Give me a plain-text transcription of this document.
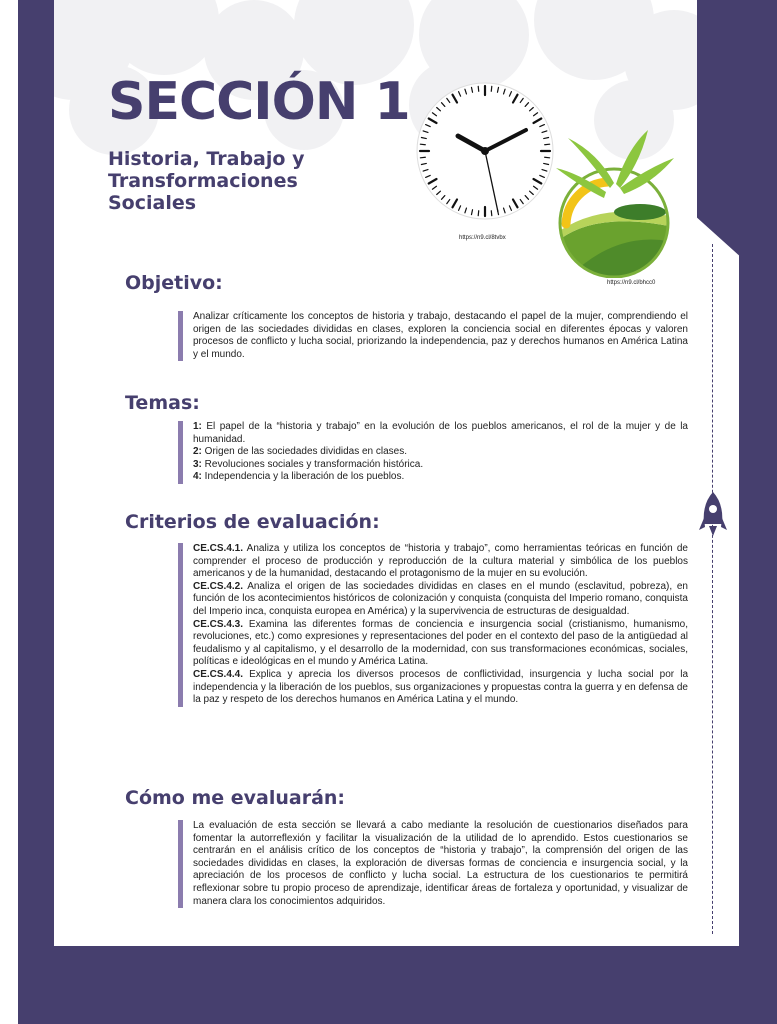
SECCIÓN 1
Historia, Trabajo y Transformaciones Sociales
https://n9.cl/8tvbx
https://n9.cl/bhcc0
Objetivo:

Analizar críticamente los conceptos de historia y trabajo, destacando el papel de la mujer, comprendiendo el origen de las sociedades divididas en clases, exploren la conciencia social en diferentes épocas y valoren procesos de conflicto y lucha social, priorizando la independencia, paz y derechos humanos en América Latina y el mundo.

Temas:

1: El papel de la “historia y trabajo” en la evolución de los pueblos americanos, el rol de la mujer y de la humanidad.

2: Origen de las sociedades divididas en clases.

3: Revoluciones sociales y transformación histórica.

4: Independencia y la liberación de los pueblos.

Criterios de evaluación:

CE.CS.4.1. Analiza y utiliza los conceptos de “historia y trabajo”, como herramientas teóricas en función de comprender el proceso de producción y reproducción de la cultura material y simbólica de los pueblos americanos y de la humanidad, destacando el protagonismo de la mujer en su evolución.

CE.CS.4.2. Analiza el origen de las sociedades divididas en clases en el mundo (esclavitud, pobreza), en función de los acontecimientos históricos de colonización y conquista (conquista del Imperio romano, conquista del Imperio inca, conquista europea en América) y la supervivencia de estructuras de desigualdad.

CE.CS.4.3. Examina las diferentes formas de conciencia e insurgencia social (cristianismo, humanismo, revoluciones, etc.) como expresiones y representaciones del poder en el contexto del paso de la antigüedad al feudalismo y al capitalismo, y el desarrollo de la modernidad, con sus transformaciones económicas, sociales, políticas e ideológicas en el mundo y América Latina.

CE.CS.4.4. Explica y aprecia los diversos procesos de conflictividad, insurgencia y lucha social por la independencia y la liberación de los pueblos, sus organizaciones y propuestas contra la guerra y en defensa de la paz y respeto de los derechos humanos en América Latina y el mundo.

Cómo me evaluarán:

La evaluación de esta sección se llevará a cabo mediante la resolución de cuestionarios diseñados para fomentar la autorreflexión y facilitar la visualización de la utilidad de lo aprendido. Estos cuestionarios se centrarán en el análisis crítico de los conceptos de “historia y trabajo”, la comprensión del origen de las sociedades divididas en clases, la exploración de diversas formas de conciencia e insurgencia social, y la apreciación de los procesos de conflicto y lucha social. La estructura de los cuestionarios te permitirá reflexionar sobre tu propio proceso de aprendizaje, identificar áreas de fortaleza y oportunidad, y visualizar de manera clara los conocimientos adquiridos.
